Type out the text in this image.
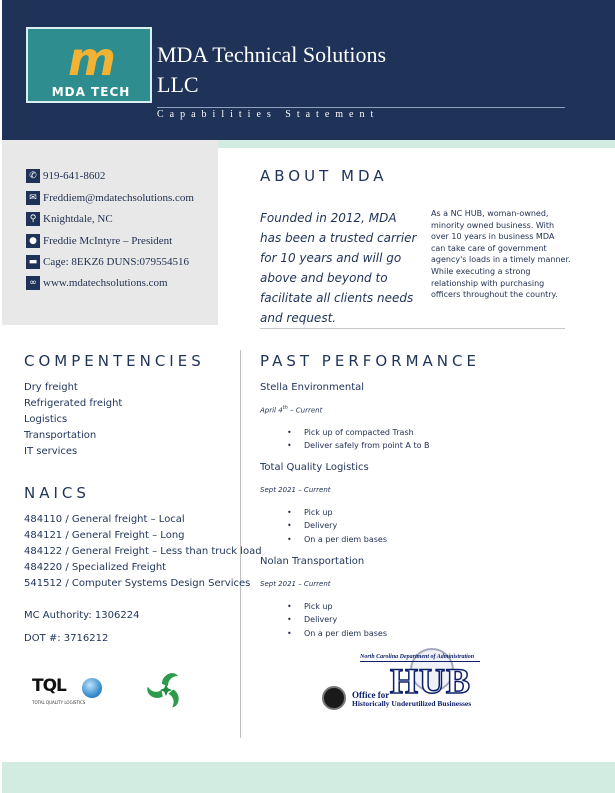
m
MDA TECH
MDA Technical Solutions
LLC
Capabilities Statement
✆ 919-641-8602
✉ Freddiem@mdatechsolutions.com
⚲ Knightdale, NC
● Freddie McIntyre – President
▬ Cage: 8EKZ6 DUNS:079554516
∞ www.mdatechsolutions.com
ABOUT MDA
Founded in 2012, MDA has been a trusted carrier for 10 years and will go above and beyond to facilitate all clients needs and request.
As a NC HUB, woman-owned, minority owned business. With over 10 years in business MDA can take care of government agency's loads in a timely manner. While executing a strong relationship with purchasing officers throughout the country.
COMPENTENCIES
Dry freight
Refrigerated freight
Logistics
Transportation
IT services
NAICS
484110 / General freight – Local
484121 / General Freight – Long
484122 / General Freight – Less than truck load
484220 / Specialized Freight
541512 / Computer Systems Design Services
MC Authority: 1306224
DOT #: 3716212
PAST PERFORMANCE
Stella Environmental
April 4th – Current
• Pick up of compacted Trash
• Deliver safely from point A to B
Total Quality Logistics
Sept 2021 – Current
• Pick up
• Delivery
• On a per diem bases
Nolan Transportation
Sept 2021 – Current
• Pick up
• Delivery
• On a per diem bases
TQL
TOTAL QUALITY LOGISTICS
North Carolina Department of Administration
HUB
Office for
Historically Underutilized Businesses
